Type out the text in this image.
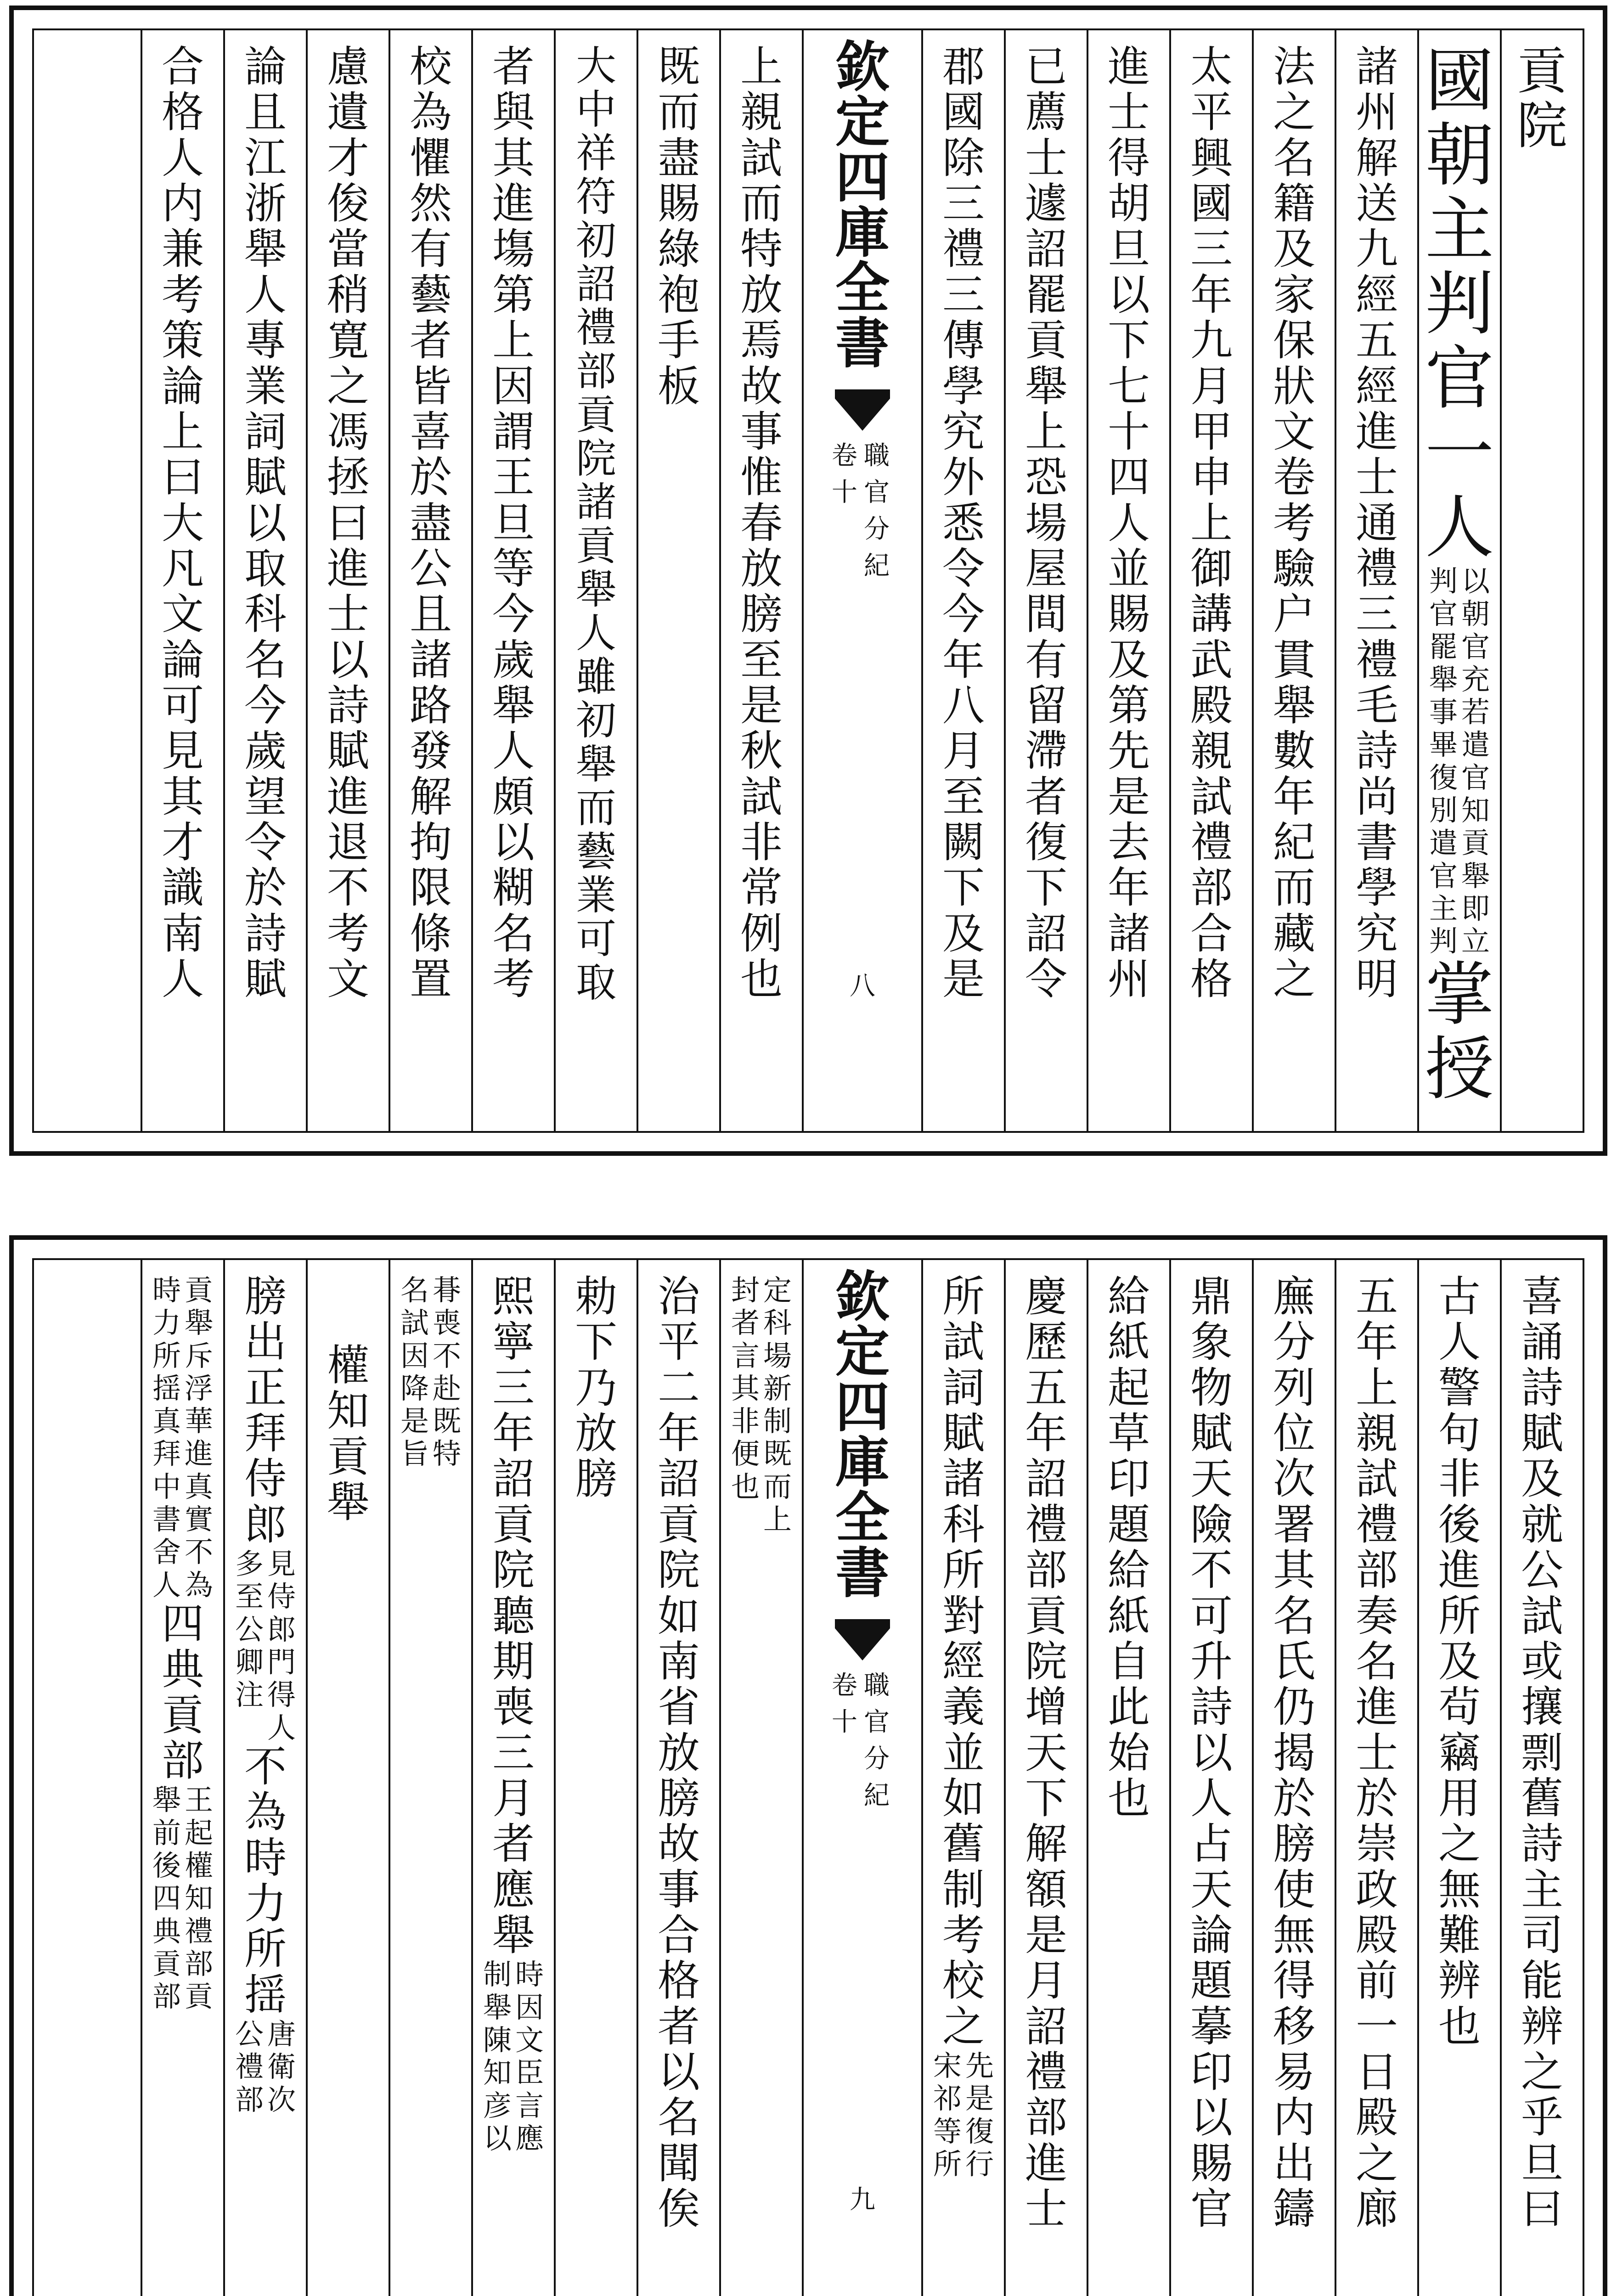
貢院
國朝主判官一人
以朝官充若遣官知貢舉即立
判官罷舉事畢復別遣官主判
掌授
諸州解送九經五經進士通禮三禮毛詩尚書學究明
法之名籍及家保狀文卷考驗户貫舉數年紀而藏之
太平興國三年九月甲申上御講武殿親試禮部合格
進士得胡旦以下七十四人並賜及第先是去年諸州
已薦士遽詔罷貢舉上恐場屋間有留滯者復下詔令
郡國除三禮三傳學究外悉令今年八月至闕下及是
欽定四庫全書
職官分紀
卷十
八
上親試而特放焉故事惟春放膀至是秋試非常例也
既而盡賜綠袍手板
大中祥符初詔禮部貢院諸貢舉人雖初舉而藝業可取
者與其進塲第上因謂王旦等今歲舉人頗以糊名考
校為懼然有藝者皆喜於盡公且諸路發解拘限條置
慮遺才俊當稍寛之馮拯曰進士以詩賦進退不考文
論且江浙舉人專業詞賦以取科名今歲望令於詩賦
合格人内兼考策論上曰大凡文論可見其才識南人
喜誦詩賦及就公試或攘剽舊詩主司能辨之乎旦曰
古人警句非後進所及茍竊用之無難辨也
五年上親試禮部奏名進士於崇政殿前一日殿之廊
廡分列位次署其名氏仍揭於膀使無得移易内出鑄
鼎象物賦天險不可升詩以人占天論題摹印以賜官
給紙起草印題給紙自此始也
慶歷五年詔禮部貢院增天下解額是月詔禮部進士
所試詞賦諸科所對經義並如舊制考校之
先是復行
宋祁等所
欽定四庫全書
職官分紀
卷十
九
定科場新制既而上
封者言其非便也
治平二年詔貢院如南省放膀故事合格者以名聞俟
勅下乃放膀
熙寧三年詔貢院聽期喪三月者應舉
時因文臣言應
制舉陳知彦以
朞喪不赴既特
名試因降是旨
權知貢舉
膀出正拜侍郎
見侍郎門得人
多至公卿注
不為時力所揺
唐衛次
公禮部
貢舉斥浮華進真實不為
時力所揺真拜中書舍人
四典貢部
王起權知禮部貢
舉前後四典貢部
